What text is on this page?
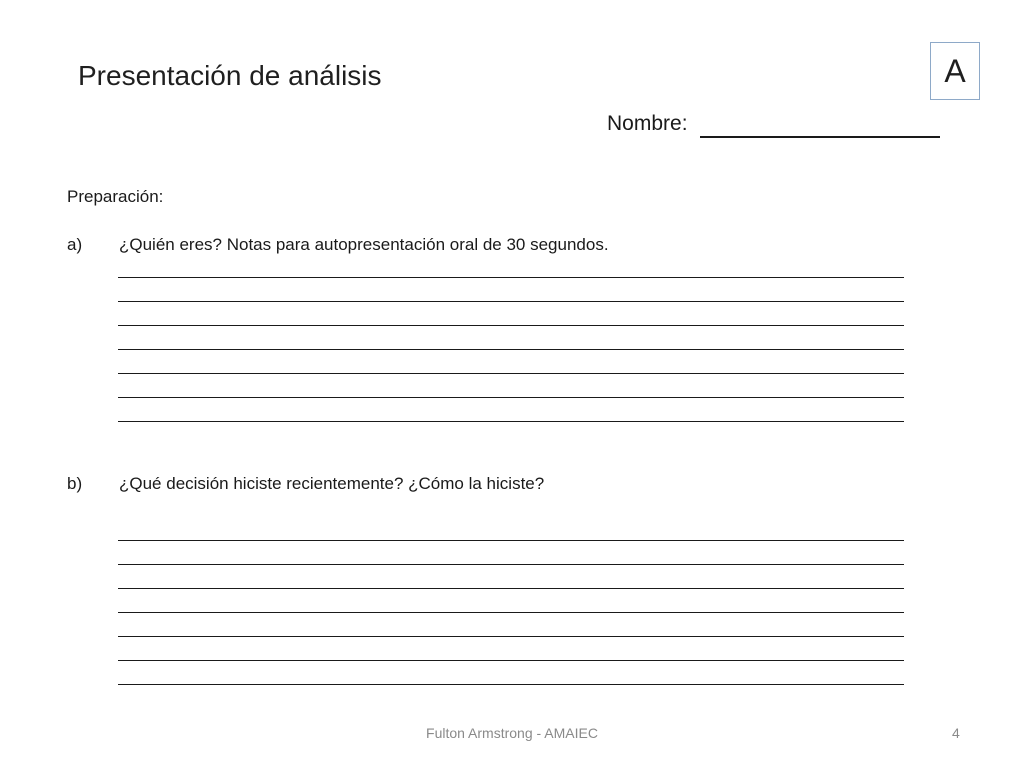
Presentación de análisis	A
Nombre:
Preparación:
a) ¿Quién eres? Notas para autopresentación oral de 30 segundos.
b) ¿Qué decisión hiciste recientemente? ¿Cómo la hiciste?
Fulton Armstrong - AMAIEC	4
